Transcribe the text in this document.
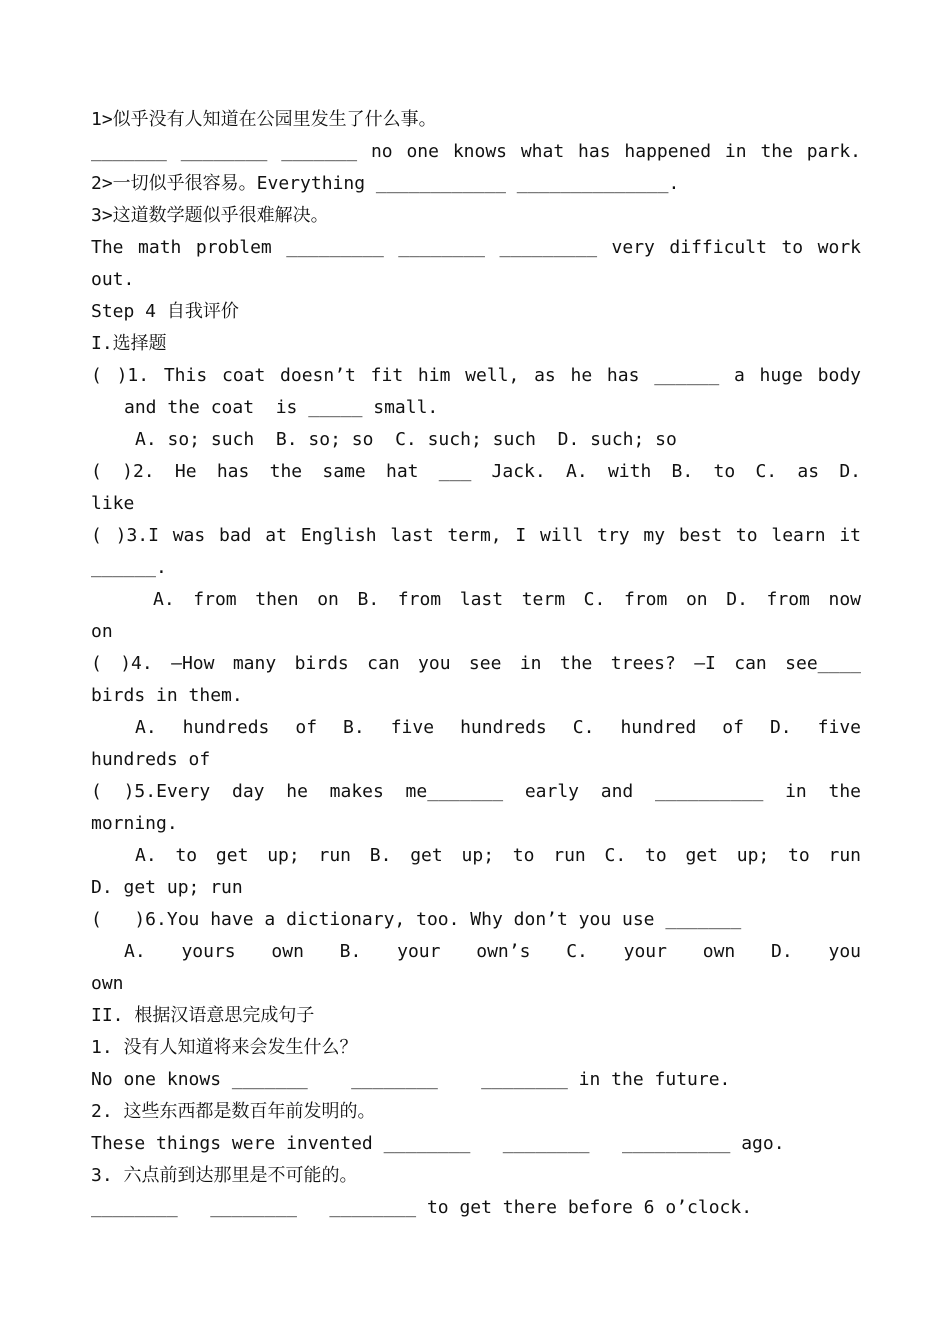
1>似乎没有人知道在公园里发生了什么事。
_______ ________ _______ no one knows what has happened in the park.
2>一切似乎很容易。Everything ____________ ______________.
3>这道数学题似乎很难解决。
The math problem _________ ________ _________ very difficult to work
out.
Step 4 自我评价
I.选择题
( )1. This coat doesn’t fit him well, as he has ______ a huge body
and the coat  is _____ small.
A. so; such  B. so; so  C. such; such  D. such; so
( )2. He has the same hat ___ Jack. A. with B. to C. as D.
like
( )3.I was bad at English last term, I will try my best to learn it
______.
A. from then on B. from last term C. from on D. from now
on
( )4. —How many birds can you see in the trees? —I can see____
birds in them.
A. hundreds of B. five hundreds C. hundred of D. five
hundreds of
( )5.Every day he makes me_______ early and __________ in the
morning.
A. to get up; run B. get up; to run C. to get up; to run
D. get up; run
(   )6.You have a dictionary, too. Why don’t you use _______
A. yours own B. your own’s C. your own D. you
own
II. 根据汉语意思完成句子
1. 没有人知道将来会发生什么？
No one knows _______    ________    ________ in the future.
2. 这些东西都是数百年前发明的。
These things were invented ________   ________   __________ ago.
3. 六点前到达那里是不可能的。
________   ________   ________ to get there before 6 o’clock.
